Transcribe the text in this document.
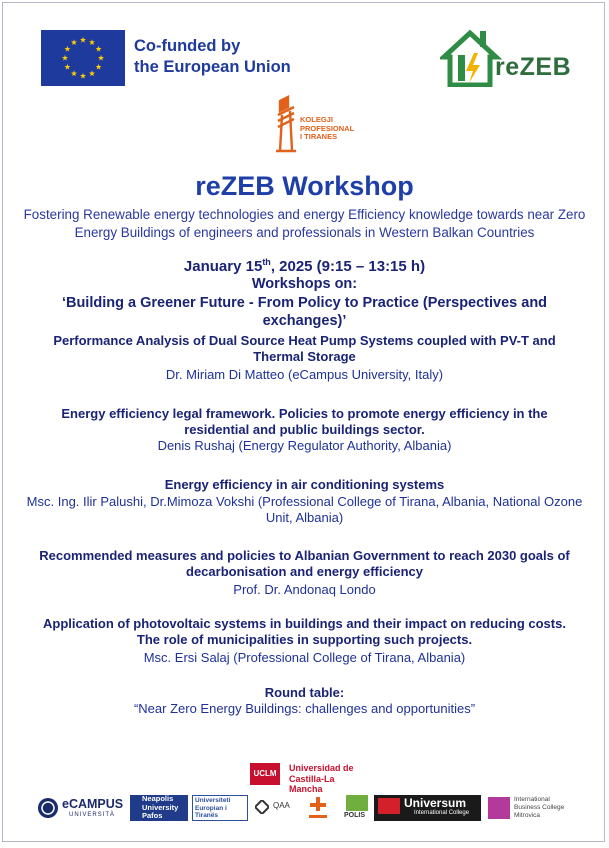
Co-funded by
the European Union	reZEB
KOLEGJI PROFESIONAL I TIRANES
reZEB Workshop

Fostering Renewable energy technologies and energy Efficiency knowledge towards near Zero Energy Buildings of engineers and professionals in Western Balkan Countries

January 15th, 2025 (9:15 – 13:15 h)

Workshops on:

‘Building a Greener Future - From Policy to Practice (Perspectives and exchanges)’

Performance Analysis of Dual Source Heat Pump Systems coupled with PV-T and Thermal Storage

Dr. Miriam Di Matteo (eCampus University, Italy)

Energy efficiency legal framework. Policies to promote energy efficiency in the residential and public buildings sector.

Denis Rushaj (Energy Regulator Authority, Albania)

Energy efficiency in air conditioning systems

Msc. Ing. Ilir Palushi, Dr.Mimoza Vokshi (Professional College of Tirana, Albania, National Ozone Unit, Albania)

Recommended measures and policies to Albanian Government to reach 2030 goals of decarbonisation and energy efficiency

Prof. Dr. Andonaq Londo

Application of photovoltaic systems in buildings and their impact on reducing costs. The role of municipalities in supporting such projects.

Msc. Ersi Salaj (Professional College of Tirana, Albania)

Round table:

“Near Zero Energy Buildings: challenges and opportunities”

UCLM
Universidad de Castilla-La Mancha
eCAMPUS
UNIVERSITÀ
Neapolis University Pafos
Universiteti Europian i Tiranës
QAA
POLIS
Universum
International College
International Business College Mitrovica
